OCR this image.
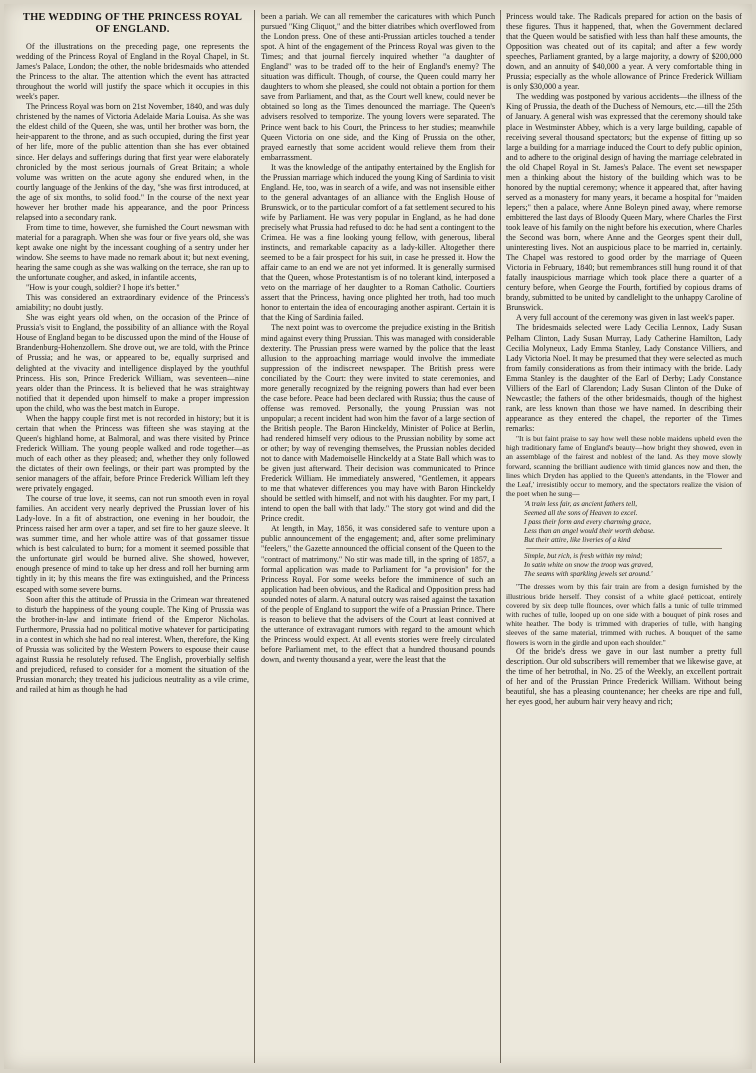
THE WEDDING OF THE PRINCESS ROYAL OF ENGLAND.

Of the illustrations on the preceding page, one represents the wedding of the Princess Royal of England in the Royal Chapel, in St. James's Palace, London; the other, the noble bridesmaids who attended the Princess to the altar. The attention which the event has attracted throughout the world will justify the space which it occupies in this week's paper.

The Princess Royal was born on 21st November, 1840, and was duly christened by the names of Victoria Adelaide Maria Louisa. As she was the eldest child of the Queen, she was, until her brother was born, the heir-apparent to the throne, and as such occupied, during the first year of her life, more of the public attention than she has ever obtained since. Her delays and sufferings during that first year were elaborately chronicled by the most serious journals of Great Britain; a whole volume was written on the acute agony she endured when, in the courtly language of the Jenkins of the day, "she was first introduced, at the age of six months, to solid food." In the course of the next year however her brother made his appearance, and the poor Princess relapsed into a secondary rank.

From time to time, however, she furnished the Court newsman with material for a paragraph. When she was four or five years old, she was kept awake one night by the incessant coughing of a sentry under her window. She seems to have made no remark about it; but next evening, hearing the same cough as she was walking on the terrace, she ran up to the unfortunate cougher, and asked, in infantile accents,

"How is your cough, soldier? I hope it's better."

This was considered an extraordinary evidence of the Princess's amiability; no doubt justly.

She was eight years old when, on the occasion of the Prince of Prussia's visit to England, the possibility of an alliance with the Royal House of England began to be discussed upon the mind of the House of Brandenburg-Hohenzollern. She drove out, we are told, with the Prince of Prussia; and he was, or appeared to be, equally surprised and delighted at the vivacity and intelligence displayed by the youthful Princess. His son, Prince Frederick William, was seventeen—nine years older than the Princess. It is believed that he was straightway notified that it depended upon himself to make a proper impression upon the child, who was the best match in Europe.

When the happy couple first met is not recorded in history; but it is certain that when the Princess was fifteen she was staying at the Queen's highland home, at Balmoral, and was there visited by Prince Frederick William. The young people walked and rode together—as much of each other as they pleased; and, whether they only followed the dictates of their own feelings, or their part was prompted by the senior managers of the affair, before Prince Frederick William left they were privately engaged.

The course of true love, it seems, can not run smooth even in royal families. An accident very nearly deprived the Prussian lover of his Lady-love. In a fit of abstraction, one evening in her boudoir, the Princess raised her arm over a taper, and set fire to her gauze sleeve. It was summer time, and her whole attire was of that gossamer tissue which is best calculated to burn; for a moment it seemed possible that the unfortunate girl would be burned alive. She showed, however, enough presence of mind to take up her dress and roll her burning arm tightly in it; by this means the fire was extinguished, and the Princess escaped with some severe burns.

Soon after this the attitude of Prussia in the Crimean war threatened to disturb the happiness of the young couple. The King of Prussia was the brother-in-law and intimate friend of the Emperor Nicholas. Furthermore, Prussia had no political motive whatever for participating in a contest in which she had no real interest. When, therefore, the King of Prussia was solicited by the Western Powers to espouse their cause against Russia he resolutely refused. The English, proverbially selfish and prejudiced, refused to consider for a moment the situation of the Prussian monarch; they treated his judicious neutrality as a vile crime, and railed at him as though he had

been a pariah. We can all remember the caricatures with which Punch pursued "King Cliquot," and the bitter diatribes which overflowed from the London press. One of these anti-Prussian articles touched a tender spot. A hint of the engagement of the Princess Royal was given to the Times; and that journal fiercely inquired whether "a daughter of England" was to be traded off to the heir of England's enemy? The situation was difficult. Though, of course, the Queen could marry her daughters to whom she pleased, she could not obtain a portion for them save from Parliament, and that, as the Court well knew, could never be obtained so long as the Times denounced the marriage. The Queen's advisers resolved to temporize. The young lovers were separated. The Prince went back to his Court, the Princess to her studies; meanwhile Queen Victoria on one side, and the King of Prussia on the other, prayed earnestly that some accident would relieve them from their embarrassment.

It was the knowledge of the antipathy entertained by the English for the Prussian marriage which induced the young King of Sardinia to visit England. He, too, was in search of a wife, and was not insensible either to the general advantages of an alliance with the English House of Brunswick, or to the particular comfort of a fat settlement secured to his wife by Parliament. He was very popular in England, as he had done precisely what Prussia had refused to do: he had sent a contingent to the Crimea. He was a fine looking young fellow, with generous, liberal instincts, and remarkable capacity as a lady-killer. Altogether there seemed to be a fair prospect for his suit, in case he pressed it. How the affair came to an end we are not yet informed. It is generally surmised that the Queen, whose Protestantism is of no tolerant kind, interposed a veto on the marriage of her daughter to a Roman Catholic. Courtiers assert that the Princess, having once plighted her troth, had too much honor to entertain the idea of encouraging another aspirant. Certain it is that the King of Sardinia failed.

The next point was to overcome the prejudice existing in the British mind against every thing Prussian. This was managed with considerable dexterity. The Prussian press were warned by the police that the least allusion to the approaching marriage would involve the immediate suppression of the indiscreet newspaper. The British press were conciliated by the Court: they were invited to state ceremonies, and more generally recognized by the reigning powers than had ever been the case before. Peace had been declared with Russia; thus the cause of offense was removed. Personally, the young Prussian was not unpopular; a recent incident had won him the favor of a large section of the British people. The Baron Hinckeldy, Minister of Police at Berlin, had rendered himself very odious to the Prussian nobility by some act or other; by way of revenging themselves, the Prussian nobles decided not to dance with Mademoiselle Hinckeldy at a State Ball which was to be given just afterward. Their decision was communicated to Prince Frederick William. He immediately answered, "Gentlemen, it appears to me that whatever differences you may have with Baron Hinckeldy should be settled with himself, and not with his daughter. For my part, I intend to open the ball with that lady." The story got wind and did the Prince credit.

At length, in May, 1856, it was considered safe to venture upon a public announcement of the engagement; and, after some preliminary "feelers," the Gazette announced the official consent of the Queen to the "contract of matrimony." No stir was made till, in the spring of 1857, a formal application was made to Parliament for "a provision" for the Princess Royal. For some weeks before the imminence of such an application had been obvious, and the Radical and Opposition press had sounded notes of alarm. A natural outcry was raised against the taxation of the people of England to support the wife of a Prussian Prince. There is reason to believe that the advisers of the Court at least connived at the utterance of extravagant rumors with regard to the amount which the Princess would expect. At all events stories were freely circulated before Parliament met, to the effect that a hundred thousand pounds down, and twenty thousand a year, were the least that the

Princess would take. The Radicals prepared for action on the basis of these figures. Thus it happened, that, when the Government declared that the Queen would be satisfied with less than half these amounts, the Opposition was cheated out of its capital; and after a few wordy speeches, Parliament granted, by a large majority, a dowry of $200,000 down, and an annuity of $40,000 a year. A very comfortable thing in Prussia; especially as the whole allowance of Prince Frederick William is only $30,000 a year.

The wedding was postponed by various accidents—the illness of the King of Prussia, the death of the Duchess of Nemours, etc.—till the 25th of January. A general wish was expressed that the ceremony should take place in Westminster Abbey, which is a very large building, capable of receiving several thousand spectators; but the expense of fitting up so large a building for a marriage induced the Court to defy public opinion, and to adhere to the original design of having the marriage celebrated in the old Chapel Royal in St. James's Palace. The event set newspaper men a thinking about the history of the building which was to be honored by the nuptial ceremony; whence it appeared that, after having served as a monastery for many years, it became a hospital for "maiden lepers;" then a palace, where Anne Boleyn pined away, where remorse embittered the last days of Bloody Queen Mary, where Charles the First took leave of his family on the night before his execution, where Charles the Second was born, where Anne and the Georges spent their dull, uninteresting lives. Not an auspicious place to be married in, certainly. The Chapel was restored to good order by the marriage of Queen Victoria in February, 1840; but remembrances still hung round it of that fatally inauspicious marriage which took place there a quarter of a century before, when George the Fourth, fortified by copious drams of brandy, submitted to be united by candlelight to the unhappy Caroline of Brunswick.

A very full account of the ceremony was given in last week's paper.

The bridesmaids selected were Lady Cecilia Lennox, Lady Susan Pelham Clinton, Lady Susan Murray, Lady Catherine Hamilton, Lady Cecilia Molyneux, Lady Emma Stanley, Lady Constance Villiers, and Lady Victoria Noel. It may be presumed that they were selected as much from family considerations as from their intimacy with the bride. Lady Emma Stanley is the daughter of the Earl of Derby; Lady Constance Villiers of the Earl of Clarendon; Lady Susan Clinton of the Duke of Newcastle; the fathers of the other bridesmaids, though of the highest rank, are less known than those we have named. In describing their appearance as they entered the chapel, the reporter of the Times remarks:

"It is but faint praise to say how well these noble maidens upheld even the high traditionary fame of England's beauty—how bright they showed, even in an assemblage of the fairest and noblest of the land. As they move slowly forward, scanning the brilliant audience with timid glances now and then, the lines which Dryden has applied to the Queen's attendants, in the 'Flower and the Leaf,' irresistibly occur to memory, and the spectators realize the vision of the poet when he sung—

'A train less fair, as ancient fathers tell,
Seemed all the sons of Heaven to excel.
I pass their form and every charming grace,
Less than an angel would their worth debase.
But their attire, like liveries of a kind
Simple, but rich, is fresh within my mind;
In satin white on snow the troop was graved,
The seams with sparkling jewels set around.'

"The dresses worn by this fair train are from a design furnished by the illustrious bride herself. They consist of a white glacé petticoat, entirely covered by six deep tulle flounces, over which falls a tunic of tulle trimmed with ruches of tulle, looped up on one side with a bouquet of pink roses and white heather. The body is trimmed with draperies of tulle, with hanging sleeves of the same material, trimmed with ruches. A bouquet of the same flowers is worn in the girdle and upon each shoulder."

Of the bride's dress we gave in our last number a pretty full description. Our old subscribers will remember that we likewise gave, at the time of her betrothal, in No. 25 of the Weekly, an excellent portrait of her and of the Prussian Prince Frederick William. Without being beautiful, she has a pleasing countenance; her cheeks are ripe and full, her eyes good, her auburn hair very heavy and rich;
